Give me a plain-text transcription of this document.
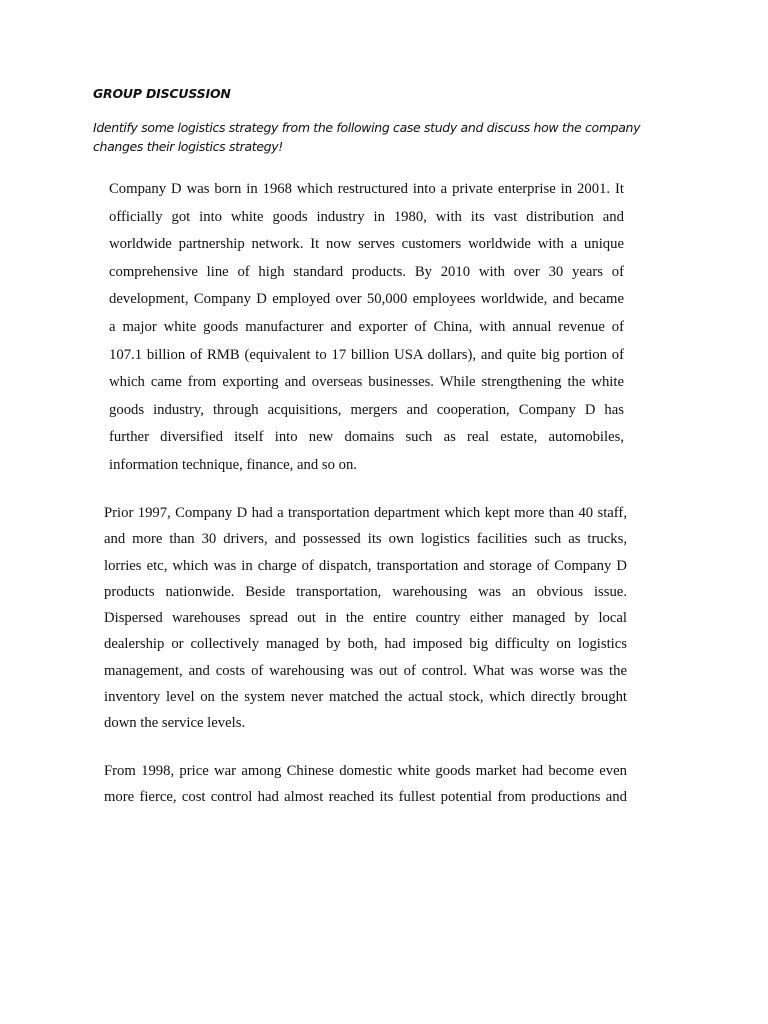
GROUP DISCUSSION
Identify some logistics strategy from the following case study and discuss how the company
changes their logistics strategy!
Company D was born in 1968 which restructured into a private enterprise in 2001. It
officially got into white goods industry in 1980, with its vast distribution and
worldwide partnership network. It now serves customers worldwide with a unique
comprehensive line of high standard products. By 2010 with over 30 years of
development, Company D employed over 50,000 employees worldwide, and became
a major white goods manufacturer and exporter of China, with annual revenue of
107.1 billion of RMB (equivalent to 17 billion USA dollars), and quite big portion of
which came from exporting and overseas businesses. While strengthening the white
goods industry, through acquisitions, mergers and cooperation, Company D has
further diversified itself into new domains such as real estate, automobiles,
information technique, finance, and so on.
Prior 1997, Company D had a transportation department which kept more than 40 staff,
and more than 30 drivers, and possessed its own logistics facilities such as trucks,
lorries etc, which was in charge of dispatch, transportation and storage of Company D
products nationwide. Beside transportation, warehousing was an obvious issue.
Dispersed warehouses spread out in the entire country either managed by local
dealership or collectively managed by both, had imposed big difficulty on logistics
management, and costs of warehousing was out of control. What was worse was the
inventory level on the system never matched the actual stock, which directly brought
down the service levels.
From 1998, price war among Chinese domestic white goods market had become even
more fierce, cost control had almost reached its fullest potential from productions and
